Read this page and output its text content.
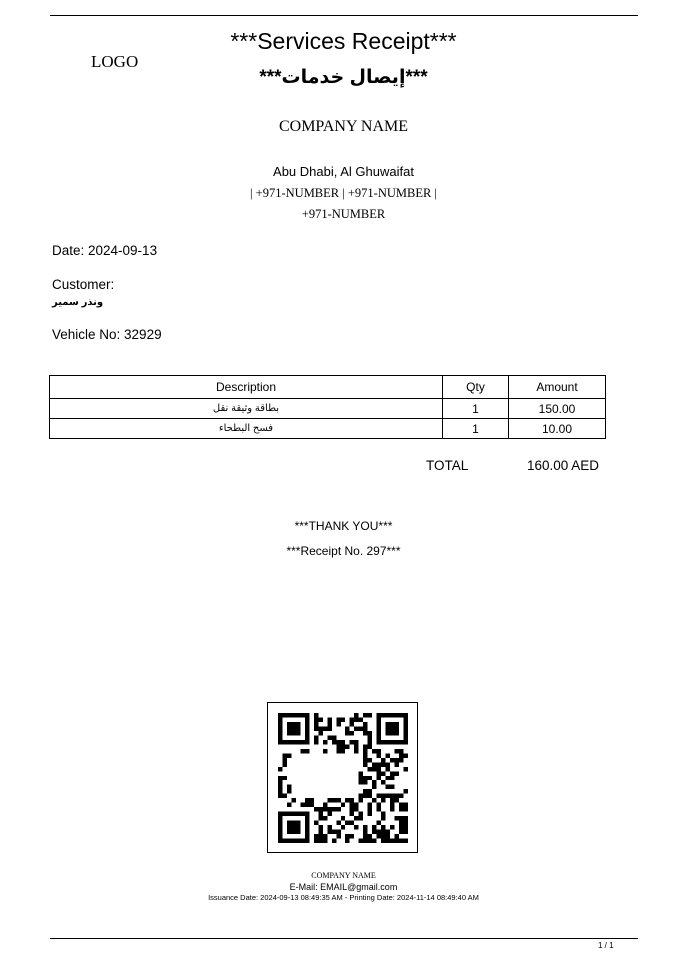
LOGO
***Services Receipt***
***إيصال خدمات***
COMPANY NAME
Abu Dhabi, Al Ghuwaifat
| +971-NUMBER | +971-NUMBER |
+971-NUMBER
Date: 2024-09-13
Customer:
ونذر سمير
Vehicle No: 32929
Description	Qty	Amount
بطاقة وثيقة نقل	1	150.00
فسح البطحاء	1	10.00
TOTAL	160.00 AED
***THANK YOU***
***Receipt No. 297***
COMPANY NAME
E-Mail: EMAIL@gmail.com
Issuance Date: 2024-09-13 08:49:35 AM - Printing Date: 2024-11-14 08:49:40 AM
1 / 1
